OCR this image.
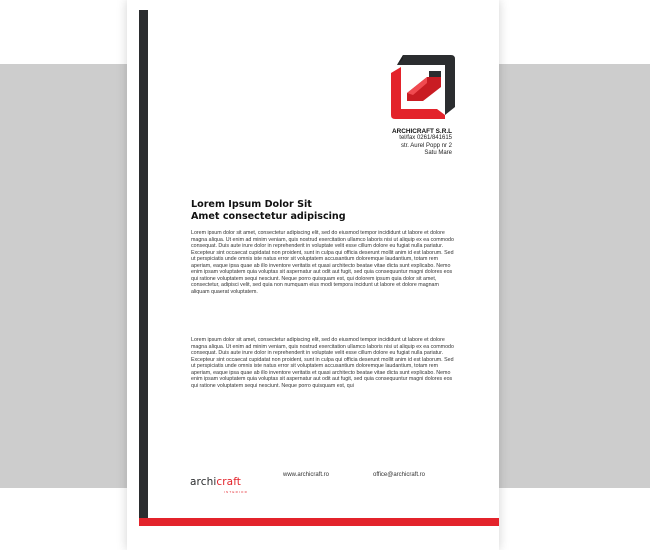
ARCHICRAFT S.R.L
tel/fax 0261/841615
str. Aurel Popp nr 2
Satu Mare
Lorem Ipsum Dolor Sit
Amet consectetur adipiscing

Lorem ipsum dolor sit amet, consectetur adipiscing elit, sed do eiusmod tempor incididunt ut labore et dolore magna aliqua. Ut enim ad minim veniam, quis nostrud exercitation ullamco laboris nisi ut aliquip ex ea commodo consequat. Duis aute irure dolor in reprehenderit in voluptate velit esse cillum dolore eu fugiat nulla pariatur. Excepteur sint occaecat cupidatat non proident, sunt in culpa qui officia deserunt mollit anim id est laborum. Sed ut perspiciatis unde omnis iste natus error sit voluptatem accusantium doloremque laudantium, totam rem aperiam, eaque ipsa quae ab illo inventore veritatis et quasi architecto beatae vitae dicta sunt explicabo. Nemo enim ipsam voluptatem quia voluptas sit aspernatur aut odit aut fugit, sed quia consequuntur magni dolores eos qui ratione voluptatem sequi nesciunt. Neque porro quisquam est, qui dolorem ipsum quia dolor sit amet, consectetur, adipisci velit, sed quia non numquam eius modi tempora incidunt ut labore et dolore magnam aliquam quaerat voluptatem.

Lorem ipsum dolor sit amet, consectetur adipiscing elit, sed do eiusmod tempor incididunt ut labore et dolore magna aliqua. Ut enim ad minim veniam, quis nostrud exercitation ullamco laboris nisi ut aliquip ex ea commodo consequat. Duis aute irure dolor in reprehenderit in voluptate velit esse cillum dolore eu fugiat nulla pariatur. Excepteur sint occaecat cupidatat non proident, sunt in culpa qui officia deserunt mollit anim id est laborum. Sed ut perspiciatis unde omnis iste natus error sit voluptatem accusantium doloremque laudantium, totam rem aperiam, eaque ipsa quae ab illo inventore veritatis et quasi architecto beatae vitae dicta sunt explicabo. Nemo enim ipsam voluptatem quia voluptas sit aspernatur aut odit aut fugit, sed quia consequuntur magni dolores eos qui ratione voluptatem sequi nesciunt. Neque porro quisquam est, qui

archicraft
INTERIOR
www.archicraft.ro	office@archicraft.ro
